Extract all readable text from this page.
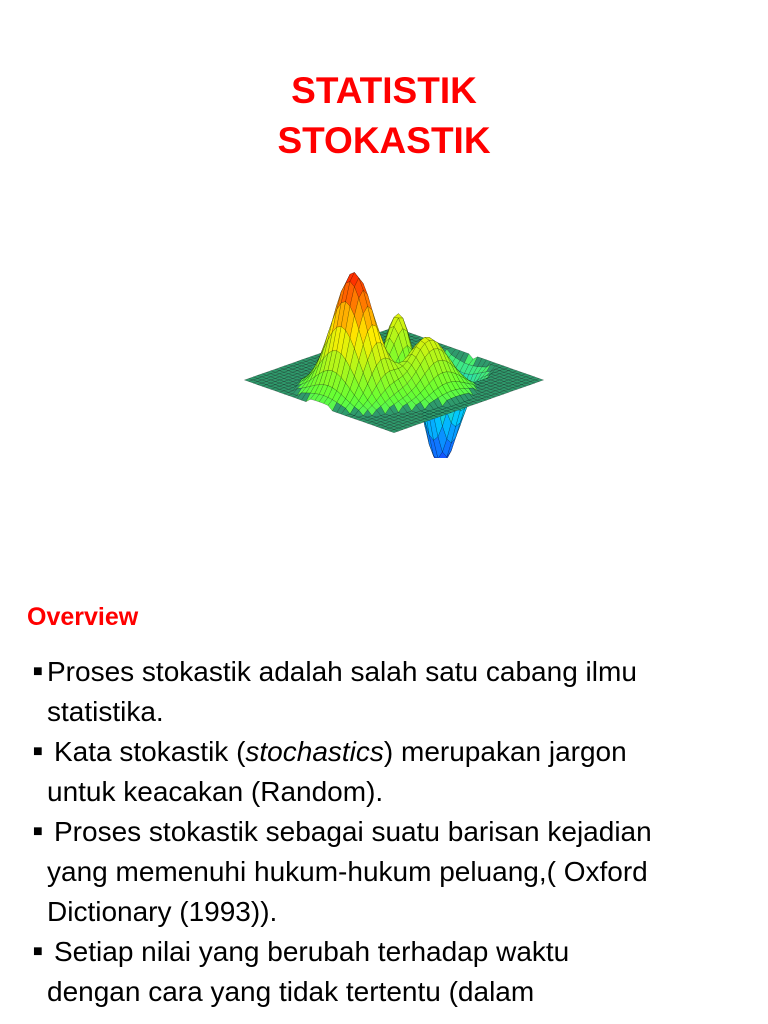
STATISTIK
STOKASTIK
Overview
■ Proses stokastik adalah salah satu cabang ilmu
statistika.
■ Kata stokastik (stochastics) merupakan jargon
untuk keacakan (Random).
■ Proses stokastik sebagai suatu barisan kejadian
yang memenuhi hukum-hukum peluang,( Oxford
Dictionary (1993)).
■ Setiap nilai yang berubah terhadap waktu
dengan cara yang tidak tertentu (dalam
